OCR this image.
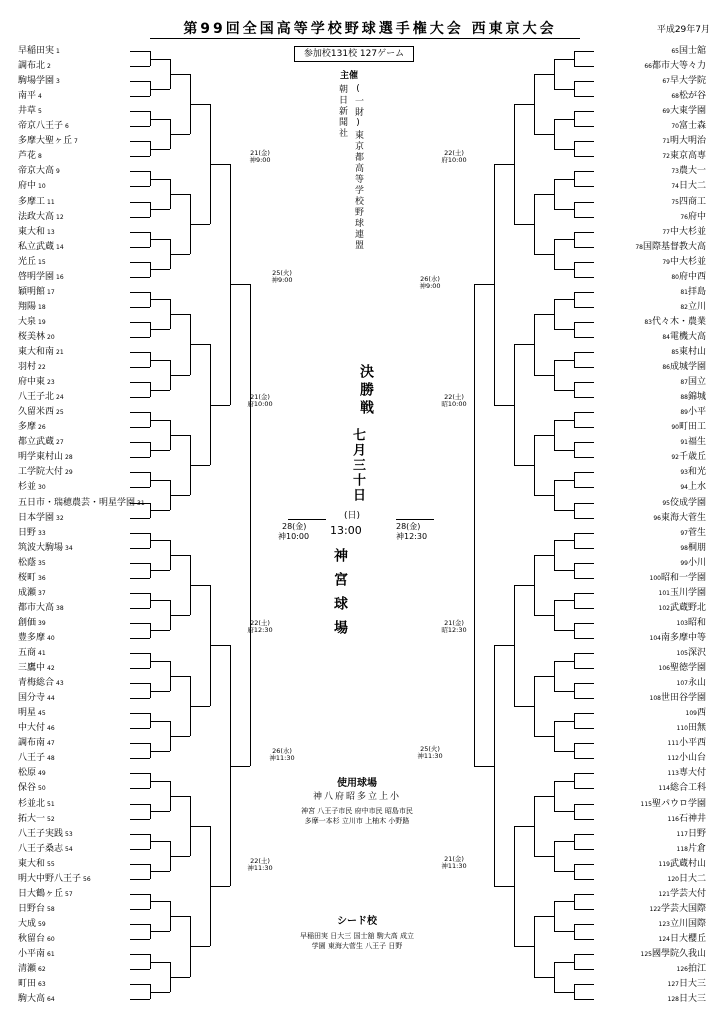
第99回全国高等学校野球選手権大会 西東京大会	平成29年7月
参加校131校 127ゲーム
主催
朝日新聞社 (一財)東京都高等学校野球連盟
決勝戦
七月三十日
(日)
13:00
神宮球場
28(金)
神10:00
28(金)
神12:30
使用球場
神八府昭多立上小
神宮 八王子市民 府中市民 昭島市民 多摩一本杉 立川市 上柚木 小野路
シード校
早稲田実 日大三 国士舘 駒大高 成立学園 東海大菅生 八王子 日野
21(金)
神9:00
25(火)
神9:00
21(金)
府10:00
22(土)
府12:30
26(水)
神11:30
22(土)
神11:30
22(土)
府10:00
26(水)
神9:00
22(土)
昭10:00
21(金)
昭12:30
25(火)
神11:30
21(金)
神11:30
早稲田実 1
調布北 2
駒場学園 3
南平 4
井草 5
帝京八王子 6
多摩大聖ヶ丘 7
芦花 8
帝京大高 9
府中 10
多摩工 11
法政大高 12
東大和 13
私立武蔵 14
光丘 15
啓明学園 16
穎明館 17
翔陽 18
大泉 19
桜美林 20
東大和南 21
羽村 22
府中東 23
八王子北 24
久留米西 25
多摩 26
都立武蔵 27
明学東村山 28
工学院大付 29
杉並 30
五日市・瑞穂農芸・明星学園 31
日本学園 32
日野 33
筑波大駒場 34
松蔭 35
桜町 36
成瀬 37
都市大高 38
創価 39
豊多摩 40
五商 41
三鷹中 42
青梅総合 43
国分寺 44
明星 45
中大付 46
調布南 47
八王子 48
松原 49
保谷 50
杉並北 51
拓大一 52
八王子実践 53
八王子桑志 54
東大和 55
明大中野八王子 56
日大鶴ヶ丘 57
日野台 58
大成 59
秋留台 60
小平南 61
清瀬 62
町田 63
駒大高 64
65国士舘
66都市大等々力
67早大学院
68松が谷
69大東学園
70富士森
71明大明治
72東京高専
73農大一
74日大二
75四商工
76府中
77中大杉並
78国際基督教大高
79中大杉並
80府中西
81拝島
82立川
83代々木・農業
84電機大高
85東村山
86成城学園
87国立
88錦城
89小平
90町田工
91福生
92千歳丘
93和光
94上水
95佼成学園
96東海大菅生
97菅生
98桐朋
99小川
100昭和一学園
101玉川学園
102武蔵野北
103昭和
104南多摩中等
105深沢
106聖徳学園
107永山
108世田谷学園
109西
110田無
111小平西
112小山台
113専大付
114総合工科
115聖パウロ学園
116石神井
117日野
118片倉
119武蔵村山
120日大二
121学芸大付
122学芸大国際
123立川国際
124日大櫻丘
125國學院久我山
126拍江
127日大三
128日大三
